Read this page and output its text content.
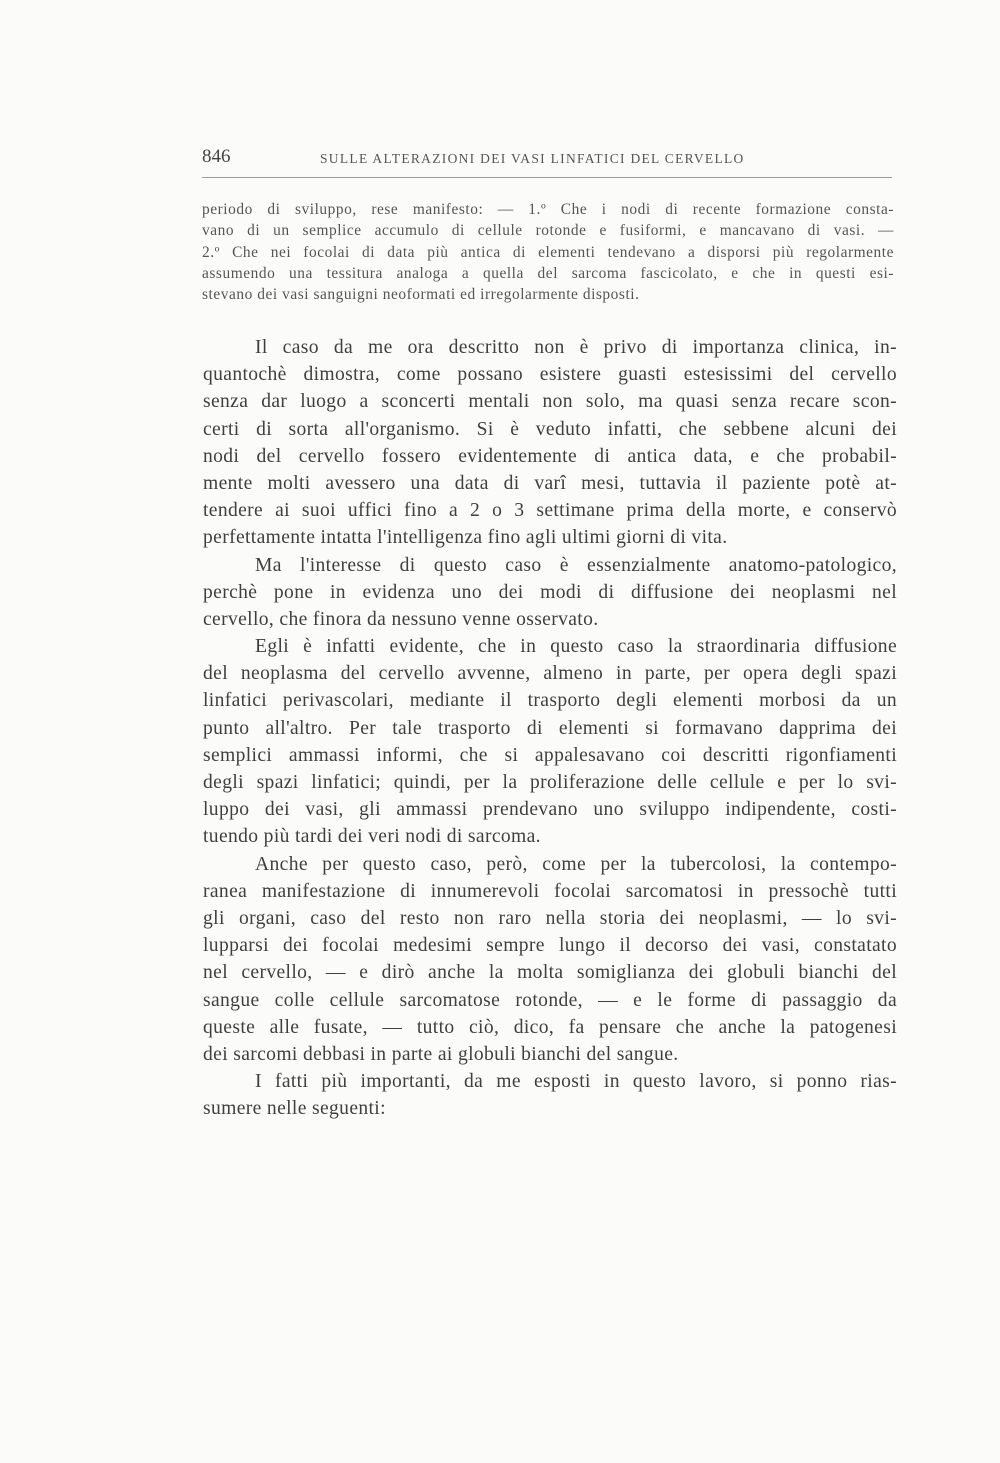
846	SULLE ALTERAZIONI DEI VASI LINFATICI DEL CERVELLO
periodo di sviluppo, rese manifesto: — 1.º Che i nodi di recente formazione consta-
vano di un semplice accumulo di cellule rotonde e fusiformi, e mancavano di vasi. —
2.º Che nei focolai di data più antica di elementi tendevano a disporsi più regolarmente
assumendo una tessitura analoga a quella del sarcoma fascicolato, e che in questi esi-
stevano dei vasi sanguigni neoformati ed irregolarmente disposti.
Il caso da me ora descritto non è privo di importanza clinica, in-
quantochè dimostra, come possano esistere guasti estesissimi del cervello
senza dar luogo a sconcerti mentali non solo, ma quasi senza recare scon-
certi di sorta all'organismo. Si è veduto infatti, che sebbene alcuni dei
nodi del cervello fossero evidentemente di antica data, e che probabil-
mente molti avessero una data di varî mesi, tuttavia il paziente potè at-
tendere ai suoi uffici fino a 2 o 3 settimane prima della morte, e conservò
perfettamente intatta l'intelligenza fino agli ultimi giorni di vita.
Ma l'interesse di questo caso è essenzialmente anatomo-patologico,
perchè pone in evidenza uno dei modi di diffusione dei neoplasmi nel
cervello, che finora da nessuno venne osservato.
Egli è infatti evidente, che in questo caso la straordinaria diffusione
del neoplasma del cervello avvenne, almeno in parte, per opera degli spazi
linfatici perivascolari, mediante il trasporto degli elementi morbosi da un
punto all'altro. Per tale trasporto di elementi si formavano dapprima dei
semplici ammassi informi, che si appalesavano coi descritti rigonfiamenti
degli spazi linfatici; quindi, per la proliferazione delle cellule e per lo svi-
luppo dei vasi, gli ammassi prendevano uno sviluppo indipendente, costi-
tuendo più tardi dei veri nodi di sarcoma.
Anche per questo caso, però, come per la tubercolosi, la contempo-
ranea manifestazione di innumerevoli focolai sarcomatosi in pressochè tutti
gli organi, caso del resto non raro nella storia dei neoplasmi, — lo svi-
lupparsi dei focolai medesimi sempre lungo il decorso dei vasi, constatato
nel cervello, — e dirò anche la molta somiglianza dei globuli bianchi del
sangue colle cellule sarcomatose rotonde, — e le forme di passaggio da
queste alle fusate, — tutto ciò, dico, fa pensare che anche la patogenesi
dei sarcomi debbasi in parte ai globuli bianchi del sangue.
I fatti più importanti, da me esposti in questo lavoro, si ponno rias-
sumere nelle seguenti:
